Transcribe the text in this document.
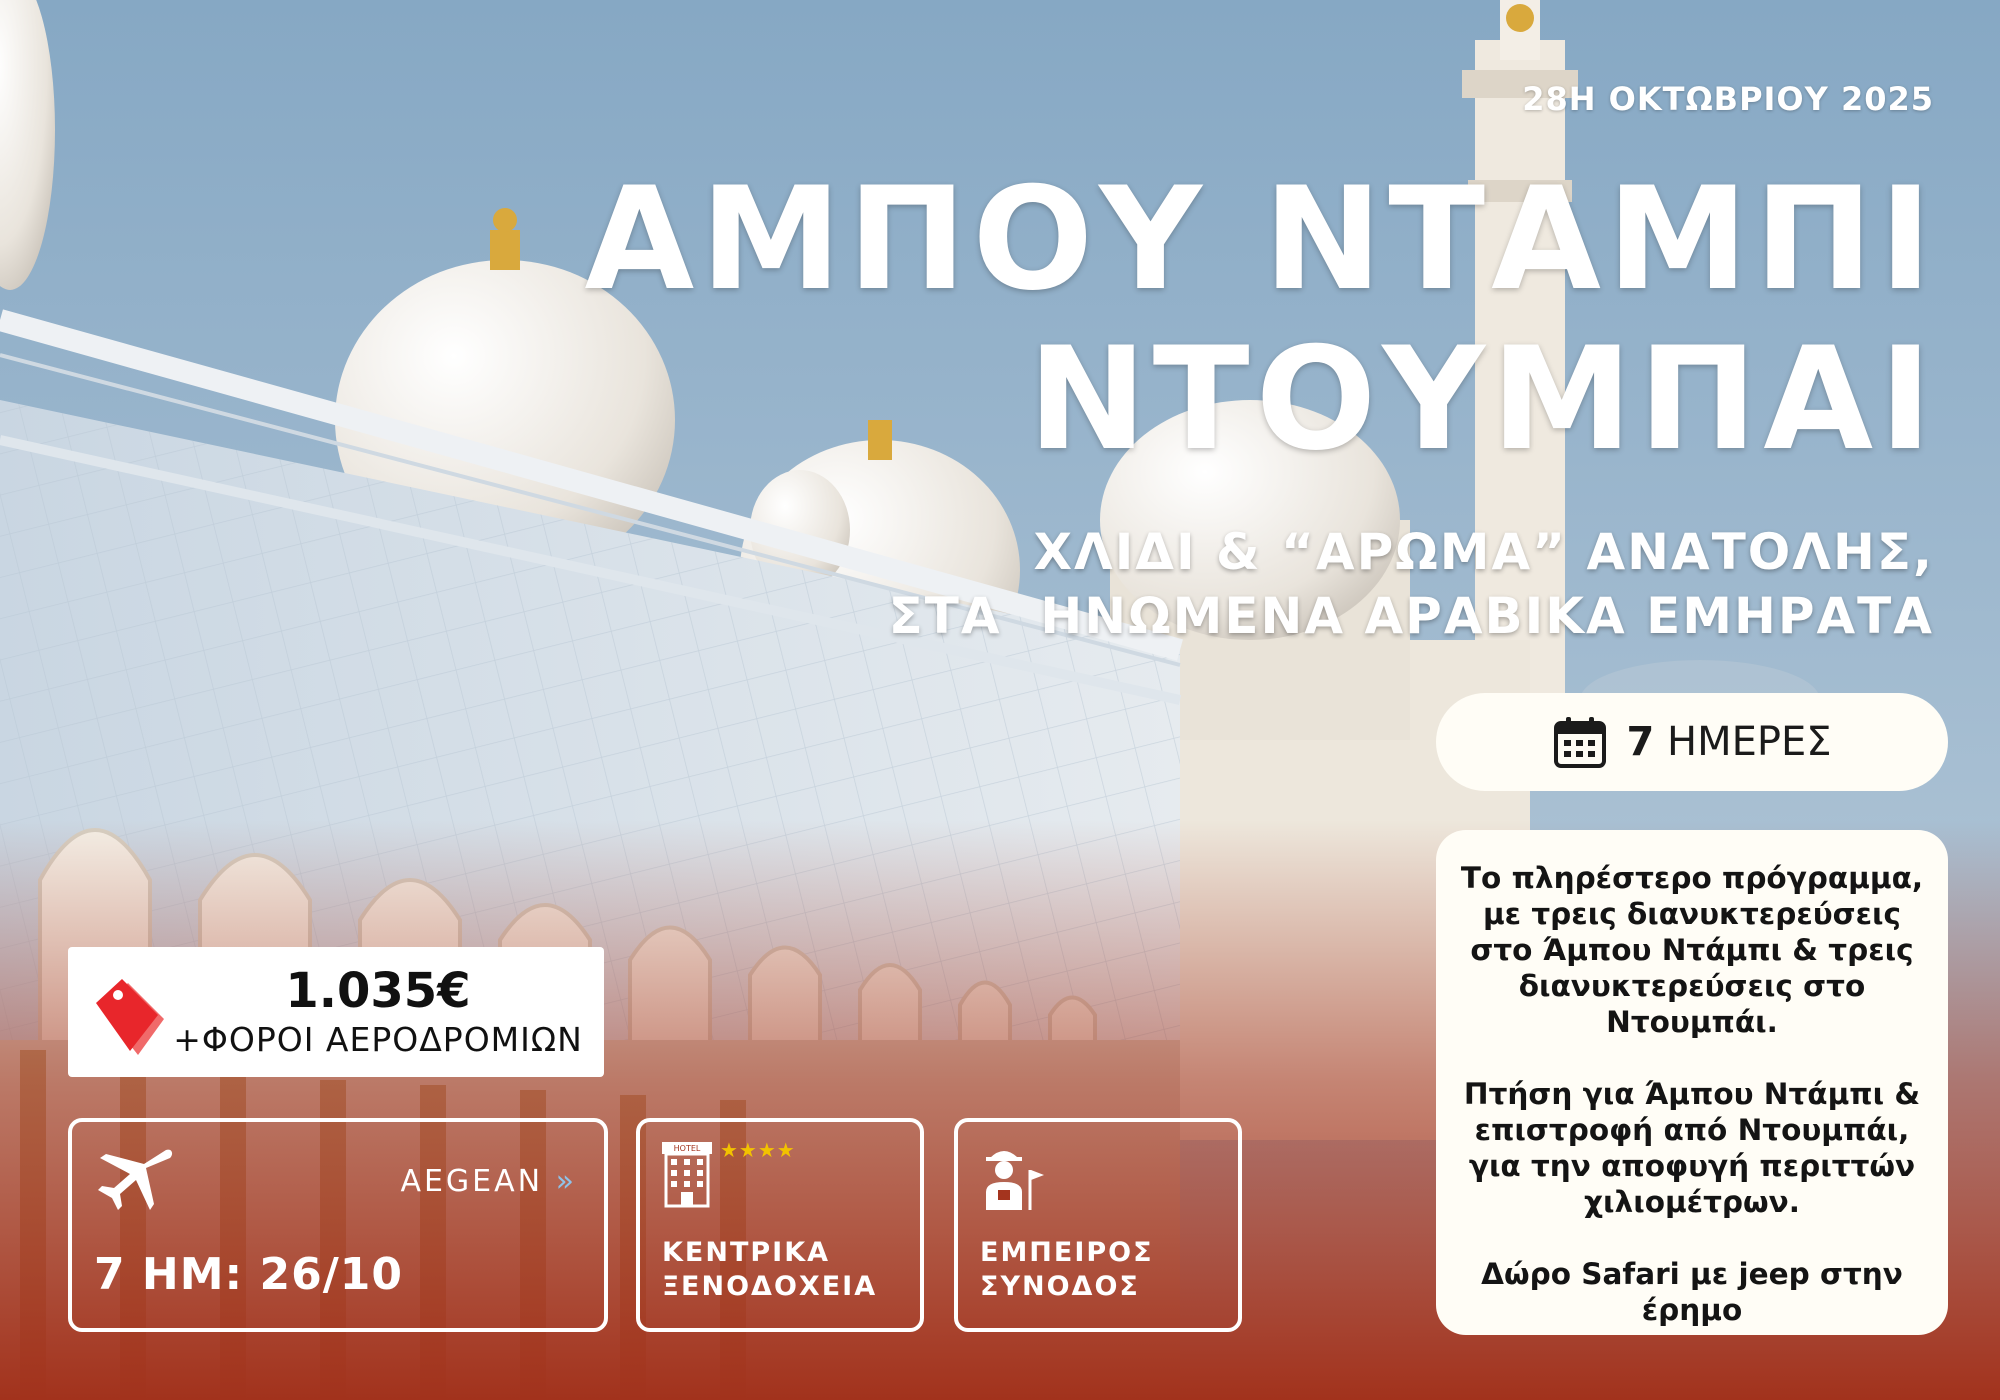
28Η ΟΚΤΩΒΡΙΟΥ 2025
ΑΜΠΟΥ ΝΤΑΜΠΙ
ΝΤΟΥΜΠΑΙ
ΧΛΙΔΙ & “ΑΡΩΜΑ” ΑΝΑΤΟΛΗΣ,
ΣΤΑ  ΗΝΩΜΕΝΑ ΑΡΑΒΙΚΑ ΕΜΗΡΑΤΑ
7 ΗΜΕΡΕΣ

Το πληρέστερο πρόγραμμα, με τρεις διανυκτερεύσεις στο Άμπου Ντάμπι & τρεις διανυκτερεύσεις στο Ντουμπάι.

Πτήση για Άμπου Ντάμπι & επιστροφή από Ντουμπάι, για την αποφυγή περιττών χιλιομέτρων.

Δώρο Safari με jeep στην έρημο

1.035€
+ΦΟΡΟΙ ΑΕΡΟΔΡΟΜΙΩΝ
AEGEAN »
7 ΗΜ: 26/10
HOTEL ★★★★
ΚΕΝΤΡΙΚΑ
ΞΕΝΟΔΟΧΕΙΑ
ΕΜΠΕΙΡΟΣ
ΣΥΝΟΔΟΣ
